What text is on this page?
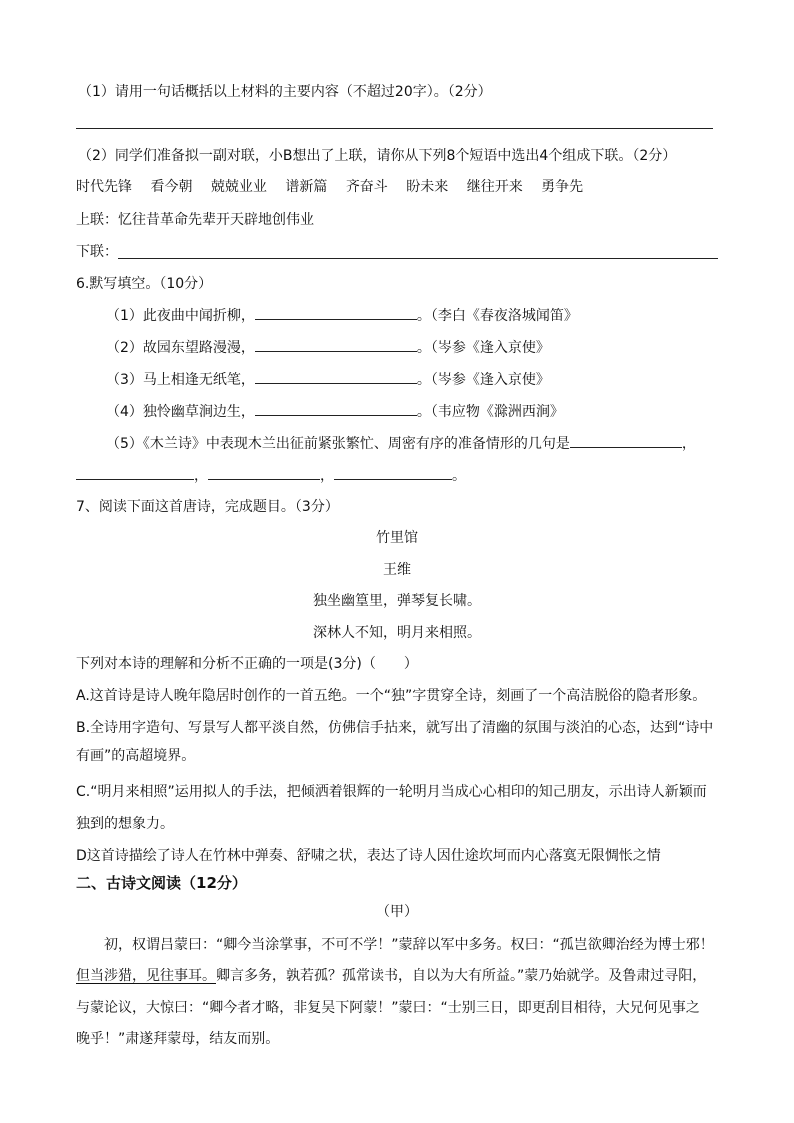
（1）请用一句话概括以上材料的主要内容（不超过20字）。（2分）
（2）同学们准备拟一副对联，小B想出了上联，请你从下列8个短语中选出4个组成下联。（2分）
时代先锋 看今朝 兢兢业业 谱新篇 齐奋斗 盼未来 继往开来 勇争先
上联：忆往昔革命先辈开天辟地创伟业
下联：
6.默写填空。（10分）
（1）此夜曲中闻折柳，	。（李白《春夜洛城闻笛》
（2）故园东望路漫漫，	。（岑参《逢入京使》
（3）马上相逢无纸笔，	。（岑参《逢入京使》
（4）独怜幽草涧边生，	。（韦应物《滁洲西涧》
（5）《木兰诗》中表现木兰出征前紧张繁忙、周密有序的准备情形的几句是	，
，	，	。
7、阅读下面这首唐诗，完成题目。（3分）
竹里馆
王维
独坐幽篁里，弹琴复长啸。
深林人不知，明月来相照。
下列对本诗的理解和分析不正确的一项是(3分)（　　）
A.这首诗是诗人晚年隐居时创作的一首五绝。一个“独”字贯穿全诗，刻画了一个高洁脱俗的隐者形象。
B.全诗用字造句、写景写人都平淡自然，仿佛信手拈来，就写出了清幽的氛围与淡泊的心态，达到“诗中
有画”的高超境界。
C.“明月来相照”运用拟人的手法，把倾洒着银辉的一轮明月当成心心相印的知己朋友，示出诗人新颖而
独到的想象力。
D这首诗描绘了诗人在竹林中弹奏、舒啸之状，表达了诗人因仕途坎坷而内心落寞无限惆怅之情
二、古诗文阅读（12分）
（甲）
初，权谓吕蒙曰：“卿今当涂掌事，不可不学！”蒙辞以军中多务。权曰：“孤岂欲卿治经为博士邪！
但当涉猎，见往事耳。卿言多务，孰若孤？孤常读书，自以为大有所益。”蒙乃始就学。及鲁肃过寻阳，
与蒙论议，大惊曰：“卿今者才略，非复吴下阿蒙！”蒙曰：“士别三日，即更刮目相待，大兄何见事之
晚乎！”肃遂拜蒙母，结友而别。
